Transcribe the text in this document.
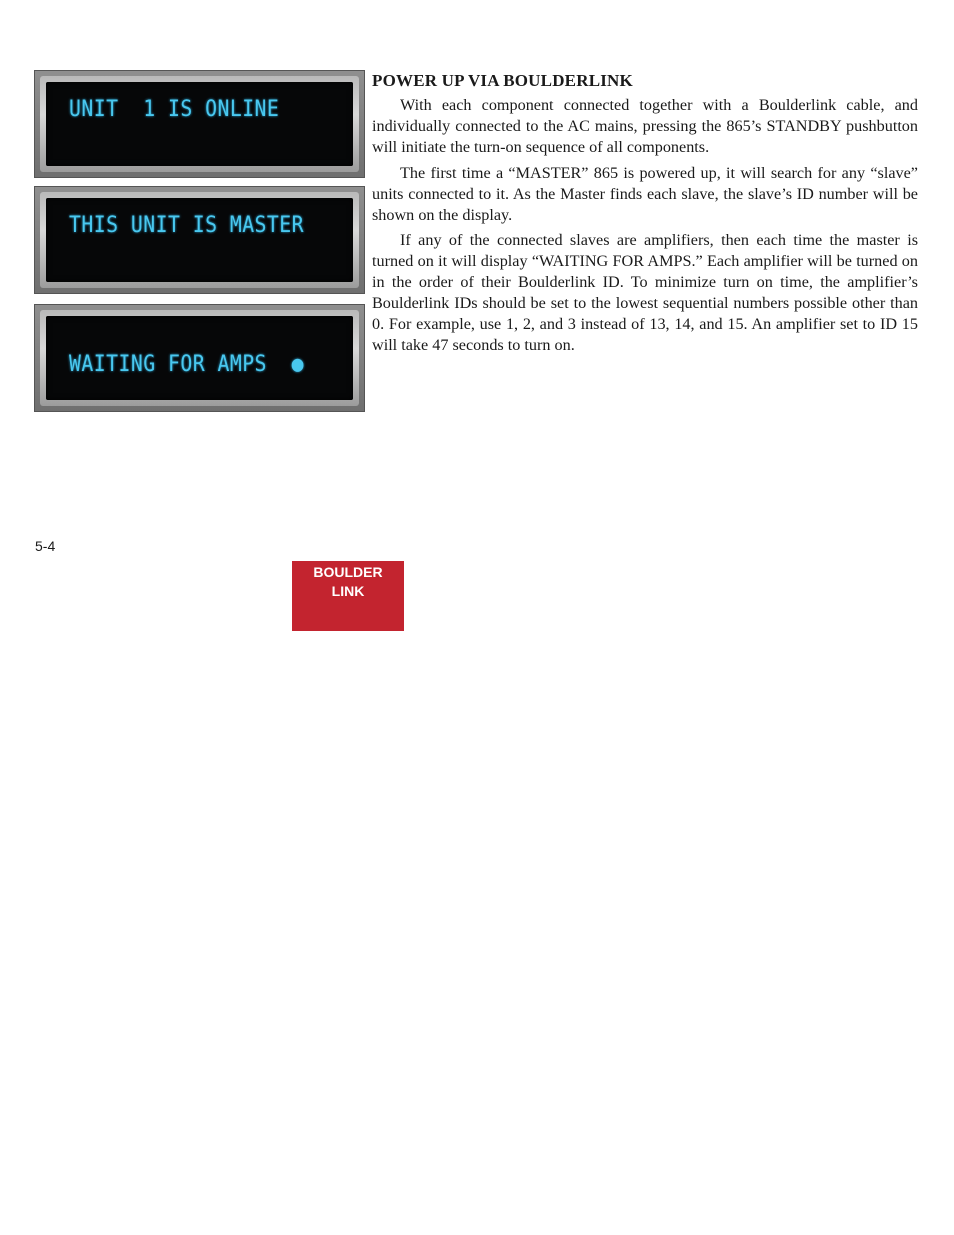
UNIT  1 IS ONLINE
THIS UNIT IS MASTER
WAITING FOR AMPS  ●
POWER UP VIA BOULDERLINK

With each component connected together with a Boulderlink cable, and individually connected to the AC mains, pressing the 865’s STANDBY pushbutton will initiate the turn-on sequence of all components.

The first time a “MASTER” 865 is powered up, it will search for any “slave” units connected to it. As the Master finds each slave, the slave’s ID number will be shown on the display.

If any of the connected slaves are amplifiers, then each time the master is turned on it will display “WAITING FOR AMPS.” Each amplifier will be turned on in the order of their Boulderlink ID. To minimize turn on time, the amplifier’s Boulderlink IDs should be set to the lowest sequential numbers possible other than 0. For example, use 1, 2, and 3 instead of 13, 14, and 15. An amplifier set to ID 15 will take 47 seconds to turn on.

5-4
BOULDER
LINK
